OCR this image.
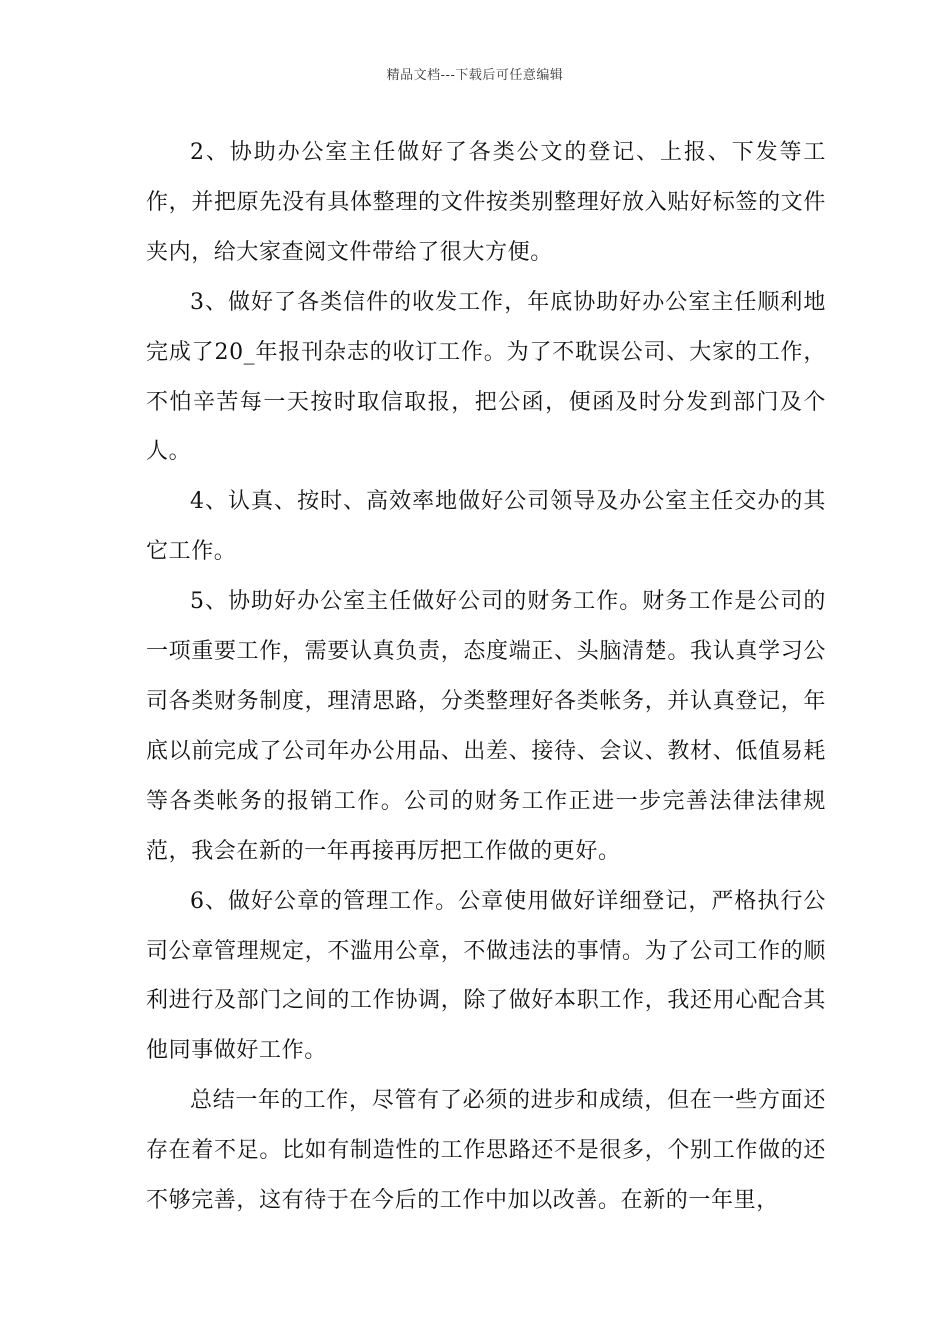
精品文档---下载后可任意编辑

2、协助办公室主任做好了各类公文的登记、上报、下发等工作，并把原先没有具体整理的文件按类别整理好放入贴好标签的文件夹内，给大家查阅文件带给了很大方便。

3、做好了各类信件的收发工作，年底协助好办公室主任顺利地完成了20_年报刊杂志的收订工作。为了不耽误公司、大家的工作，不怕辛苦每一天按时取信取报，把公函，便函及时分发到部门及个人。

4、认真、按时、高效率地做好公司领导及办公室主任交办的其它工作。

5、协助好办公室主任做好公司的财务工作。财务工作是公司的一项重要工作，需要认真负责，态度端正、头脑清楚。我认真学习公司各类财务制度，理清思路，分类整理好各类帐务，并认真登记，年底以前完成了公司年办公用品、出差、接待、会议、教材、低值易耗等各类帐务的报销工作。公司的财务工作正进一步完善法律法律规范，我会在新的一年再接再厉把工作做的更好。

6、做好公章的管理工作。公章使用做好详细登记，严格执行公司公章管理规定，不滥用公章，不做违法的事情。为了公司工作的顺利进行及部门之间的工作协调，除了做好本职工作，我还用心配合其他同事做好工作。

总结一年的工作，尽管有了必须的进步和成绩，但在一些方面还存在着不足。比如有制造性的工作思路还不是很多，个别工作做的还不够完善，这有待于在今后的工作中加以改善。在新的一年里，
